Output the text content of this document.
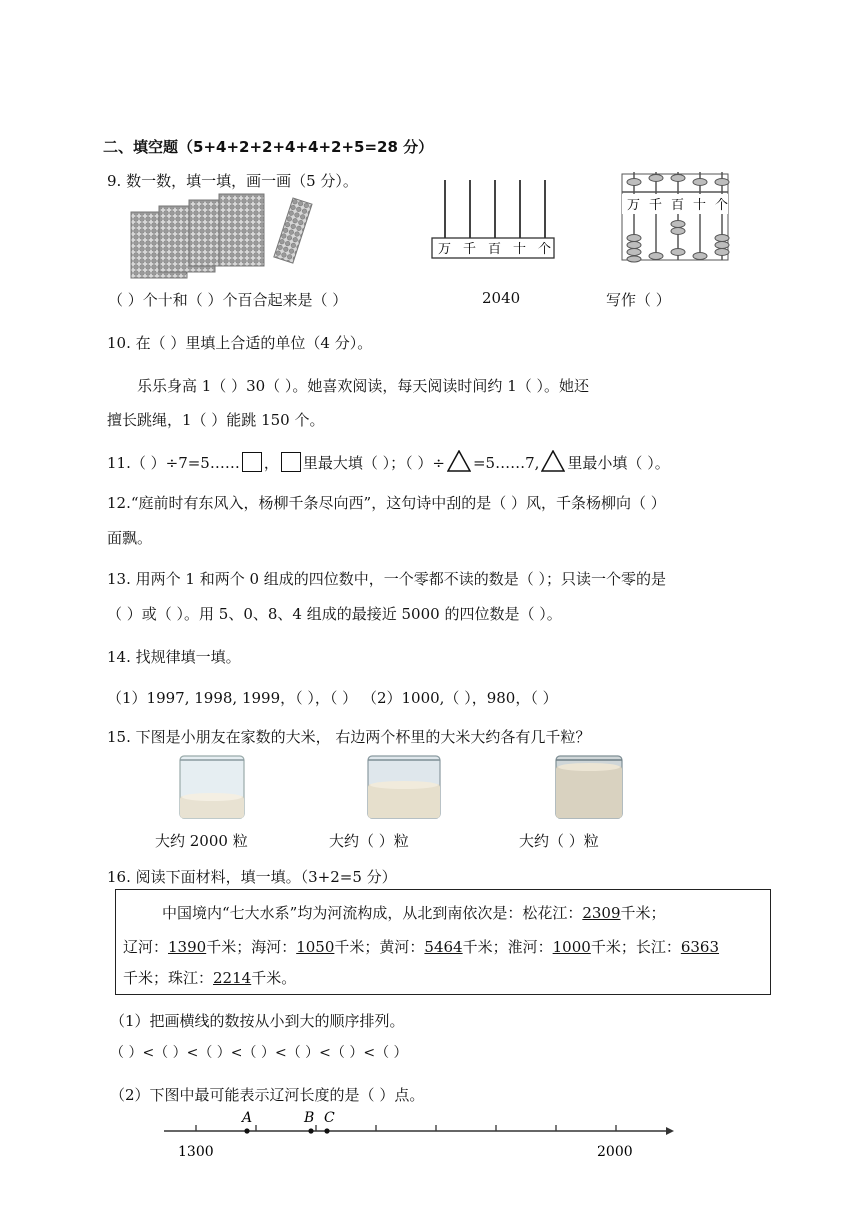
二、填空题（5+4+2+2+4+4+2+5=28 分）
9. 数一数，填一填，画一画（5 分）。
万 千 百 十 个
万 千 百 十 个
（ ）个十和（ ）个百合起来是（ ）	2040	写作（ ）
10. 在（ ）里填上合适的单位（4 分）。
乐乐身高 1（ ）30（ ）。她喜欢阅读，每天阅读时间约 1（ ）。她还
擅长跳绳，1（ ）能跳 150 个。
11.（ ）÷7=5…… ， 里最大填（ ）；（ ）÷ =5……7, 里最小填（ ）。
12.“庭前时有东风入，杨柳千条尽向西”，这句诗中刮的是（ ）风，千条杨柳向（ ）
面飘。
13. 用两个 1 和两个 0 组成的四位数中，一个零都不读的数是（ ）；只读一个零的是
（ ）或（ ）。用 5、0、8、4 组成的最接近 5000 的四位数是（ ）。
14. 找规律填一填。
（1）1997, 1998, 1999，（ ），（ ） （2）1000,（ ），980，（ ）
15. 下图是小朋友在家数的大米， 右边两个杯里的大米大约各有几千粒？
大约 2000 粒	大约（ ）粒	大约（ ）粒
16. 阅读下面材料，填一填。（3+2=5 分）
中国境内“七大水系”均为河流构成，从北到南依次是：松花江：2309千米；
辽河：1390千米；海河：1050千米；黄河：5464千米；淮河：1000千米；长江：6363
千米；珠江：2214千米。
（1）把画横线的数按从小到大的顺序排列。
（ ）<（ ）<（ ）<（ ）<（ ）<（ ）<（ ）
（2）下图中最可能表示辽河长度的是（ ）点。
A	B C
1300	2000
